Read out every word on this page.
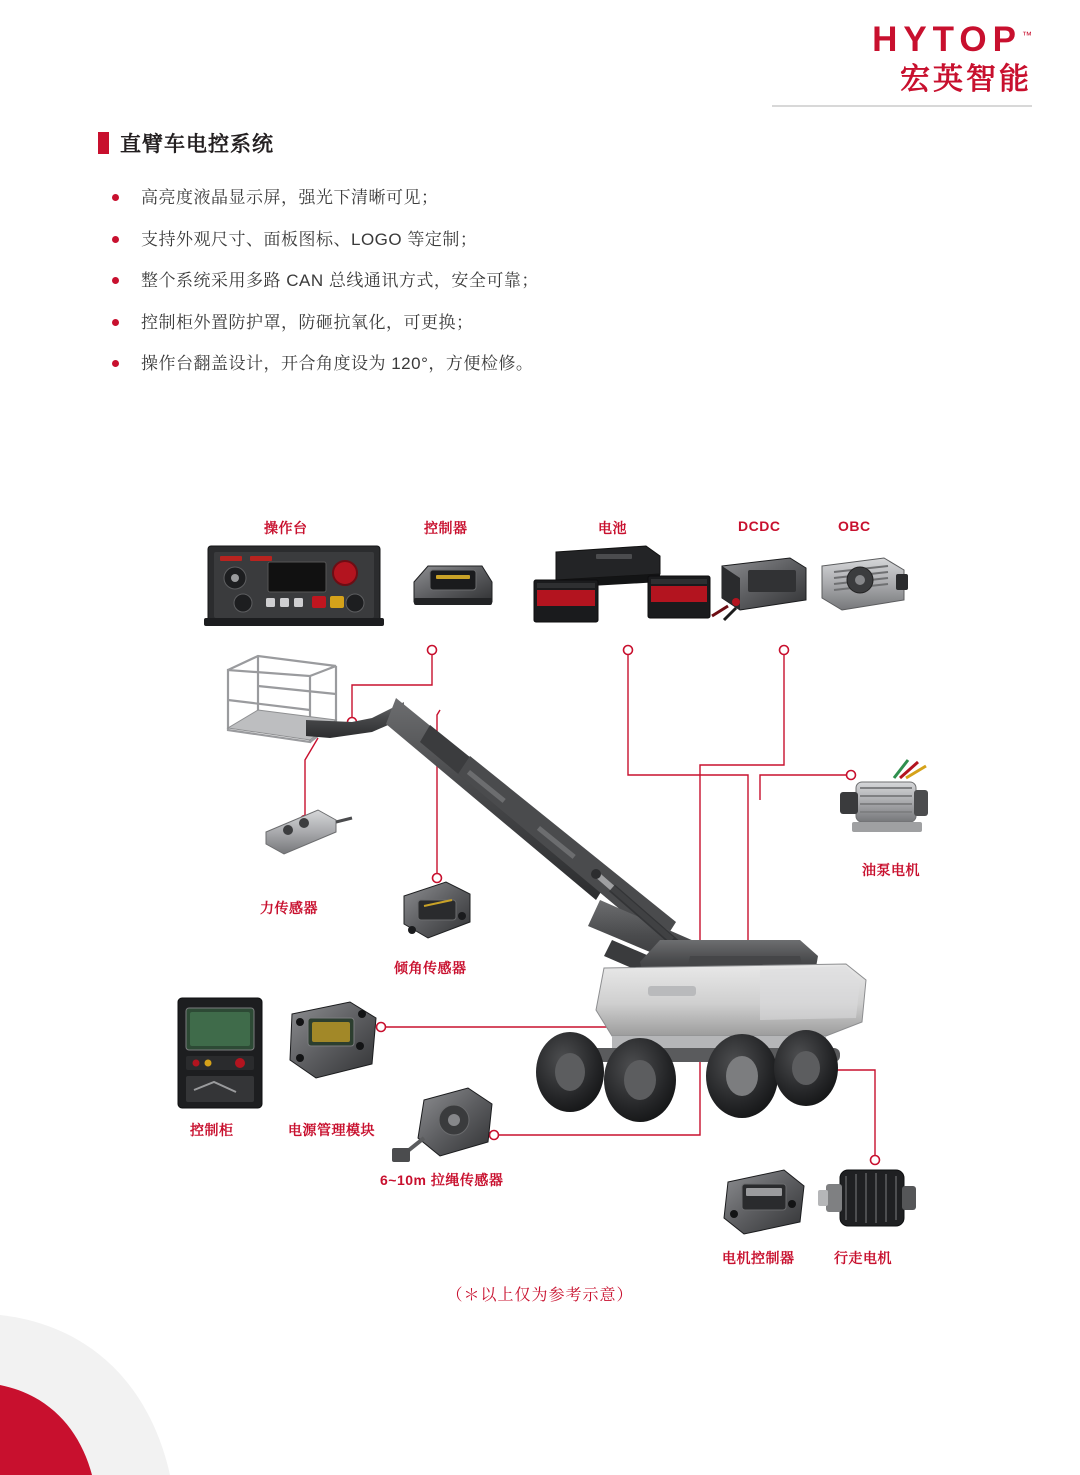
HYTOP™
宏英智能
直臂车电控系统
高亮度液晶显示屏，强光下清晰可见；
支持外观尺寸、面板图标、LOGO 等定制；
整个系统采用多路 CAN 总线通讯方式，安全可靠；
控制柜外置防护罩，防砸抗氧化，可更换；
操作台翻盖设计，开合角度设为 120°，方便检修。
操作台	控制器	电池	DCDC	OBC
油泵电机
力传感器
倾角传感器
控制柜	电源管理模块
6~10m 拉绳传感器
电机控制器	行走电机
（＊以上仅为参考示意）
